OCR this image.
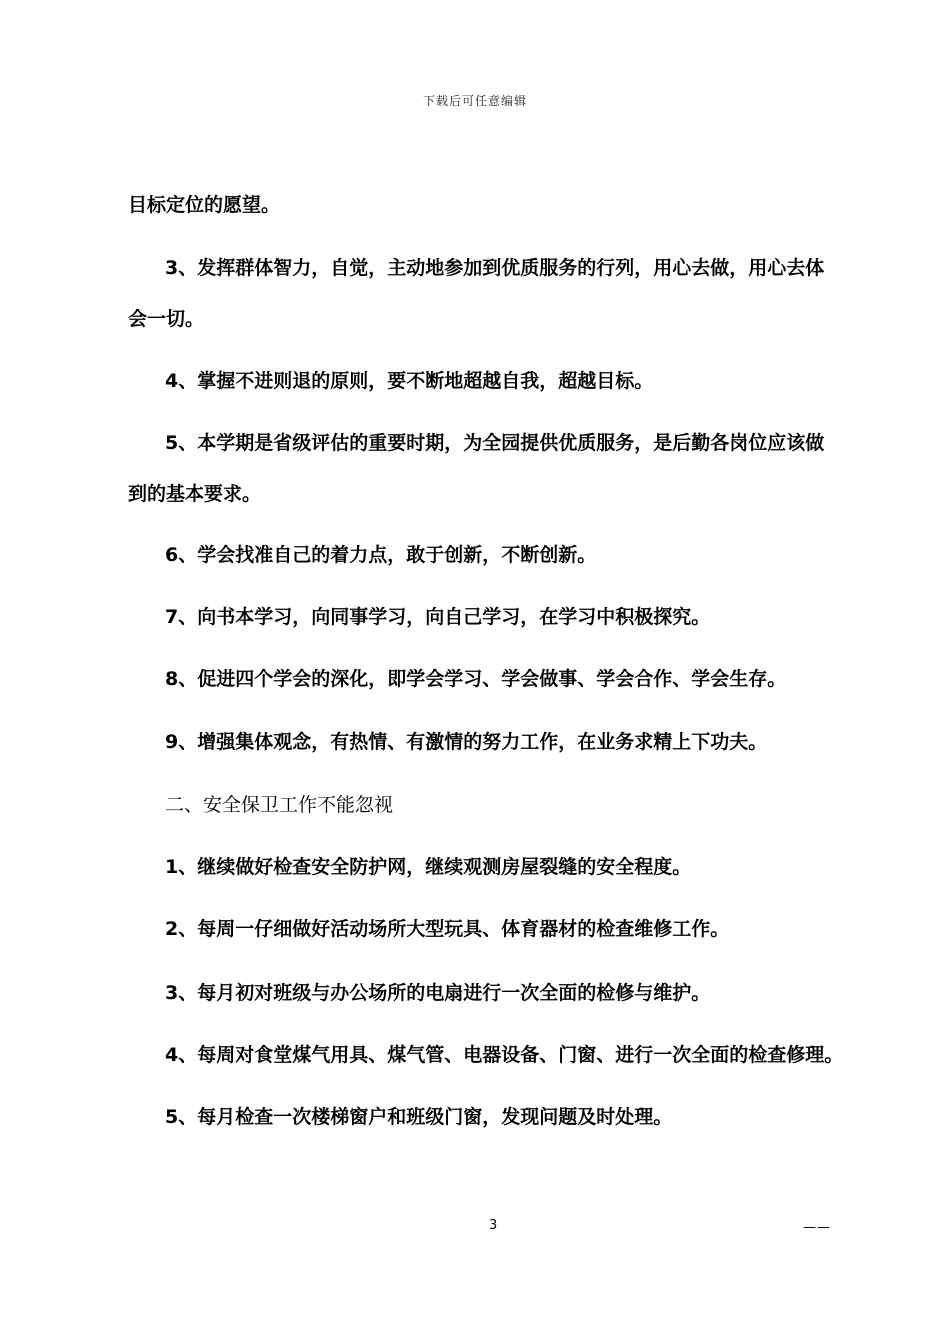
下载后可任意编辑
目标定位的愿望。
3、发挥群体智力，自觉，主动地参加到优质服务的行列，用心去做，用心去体
会一切。
4、掌握不进则退的原则，要不断地超越自我，超越目标。
5、本学期是省级评估的重要时期，为全园提供优质服务，是后勤各岗位应该做
到的基本要求。
6、学会找准自己的着力点，敢于创新，不断创新。
7、向书本学习，向同事学习，向自己学习，在学习中积极探究。
8、促进四个学会的深化，即学会学习、学会做事、学会合作、学会生存。
9、增强集体观念，有热情、有激情的努力工作，在业务求精上下功夫。
二、安全保卫工作不能忽视
1、继续做好检查安全防护网，继续观测房屋裂缝的安全程度。
2、每周一仔细做好活动场所大型玩具、体育器材的检查维修工作。
3、每月初对班级与办公场所的电扇进行一次全面的检修与维护。
4、每周对食堂煤气用具、煤气管、电器设备、门窗、进行一次全面的检查修理。
5、每月检查一次楼梯窗户和班级门窗，发现问题及时处理。
3	——
